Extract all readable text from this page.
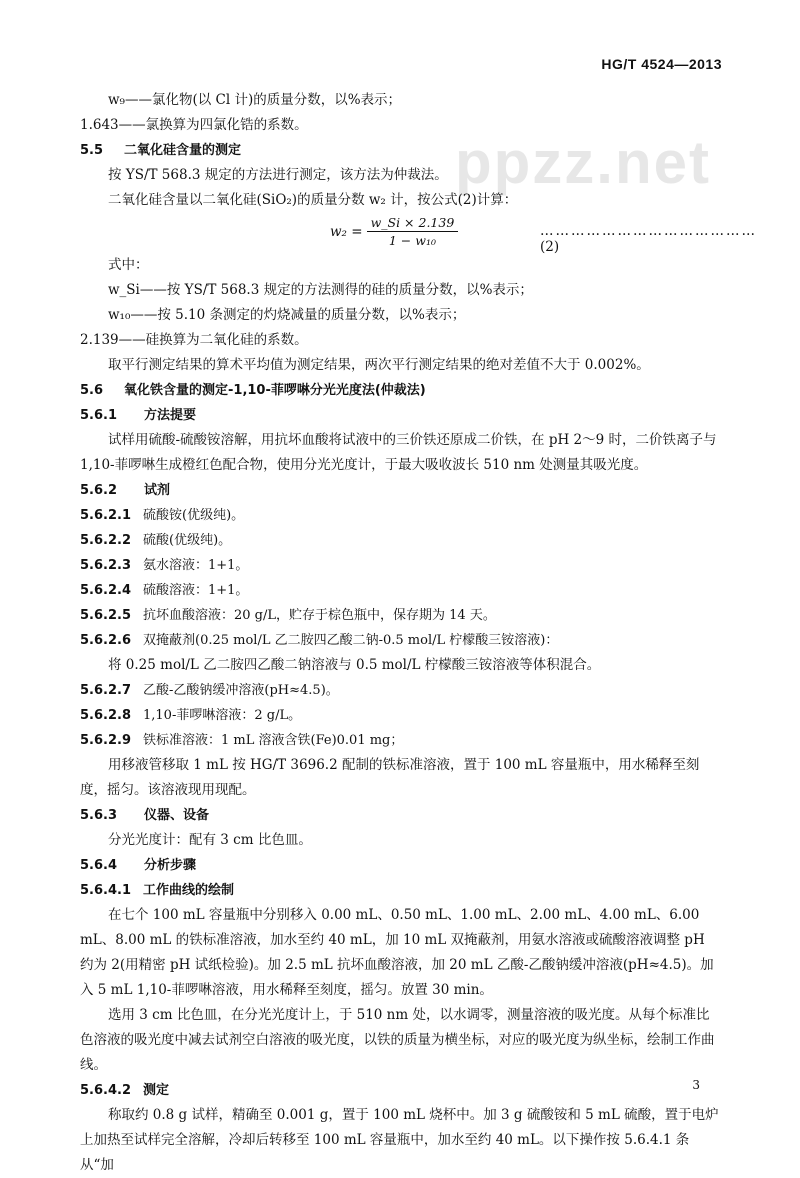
HG/T 4524—2013
ppzz.net
w₉——氯化物(以 Cl 计)的质量分数，以%表示；
1.643——氯换算为四氯化锆的系数。
5.5 二氧化硅含量的测定
按 YS/T 568.3 规定的方法进行测定，该方法为仲裁法。
二氧化硅含量以二氧化硅(SiO₂)的质量分数 w₂ 计，按公式(2)计算：
$w_2 = \frac{w\_Si \times 2.139}{\text{1 − w₁₀}}$	…………………………………… (2)
式中：
w_Si——按 YS/T 568.3 规定的方法测得的硅的质量分数，以%表示；
w₁₀——按 5.10 条测定的灼烧减量的质量分数，以%表示；
2.139——硅换算为二氧化硅的系数。
取平行测定结果的算术平均值为测定结果，两次平行测定结果的绝对差值不大于 0.002%。
5.6 氧化铁含量的测定-1,10-菲啰啉分光光度法(仲裁法)
5.6.1 方法提要
试样用硫酸-硫酸铵溶解，用抗坏血酸将试液中的三价铁还原成二价铁，在 pH 2～9 时，二价铁离子与 1,10-菲啰啉生成橙红色配合物，使用分光光度计，于最大吸收波长 510 nm 处测量其吸光度。
5.6.2 试剂
5.6.2.1 硫酸铵(优级纯)。
5.6.2.2 硫酸(优级纯)。
5.6.2.3 氨水溶液：1+1。
5.6.2.4 硫酸溶液：1+1。
5.6.2.5 抗坏血酸溶液：20 g/L，贮存于棕色瓶中，保存期为 14 天。
5.6.2.6 双掩蔽剂(0.25 mol/L 乙二胺四乙酸二钠-0.5 mol/L 柠檬酸三铵溶液)：
将 0.25 mol/L 乙二胺四乙酸二钠溶液与 0.5 mol/L 柠檬酸三铵溶液等体积混合。
5.6.2.7 乙酸-乙酸钠缓冲溶液(pH≈4.5)。
5.6.2.8 1,10-菲啰啉溶液：2 g/L。
5.6.2.9 铁标准溶液：1 mL 溶液含铁(Fe)0.01 mg；
用移液管移取 1 mL 按 HG/T 3696.2 配制的铁标准溶液，置于 100 mL 容量瓶中，用水稀释至刻度，摇匀。该溶液现用现配。
5.6.3 仪器、设备
分光光度计：配有 3 cm 比色皿。
5.6.4 分析步骤
5.6.4.1 工作曲线的绘制
在七个 100 mL 容量瓶中分别移入 0.00 mL、0.50 mL、1.00 mL、2.00 mL、4.00 mL、6.00 mL、8.00 mL 的铁标准溶液，加水至约 40 mL，加 10 mL 双掩蔽剂，用氨水溶液或硫酸溶液调整 pH 约为 2(用精密 pH 试纸检验)。加 2.5 mL 抗坏血酸溶液，加 20 mL 乙酸-乙酸钠缓冲溶液(pH≈4.5)。加入 5 mL 1,10-菲啰啉溶液，用水稀释至刻度，摇匀。放置 30 min。
选用 3 cm 比色皿，在分光光度计上，于 510 nm 处，以水调零，测量溶液的吸光度。从每个标准比色溶液的吸光度中减去试剂空白溶液的吸光度，以铁的质量为横坐标，对应的吸光度为纵坐标，绘制工作曲线。
5.6.4.2 测定
称取约 0.8 g 试样，精确至 0.001 g，置于 100 mL 烧杯中。加 3 g 硫酸铵和 5 mL 硫酸，置于电炉上加热至试样完全溶解，冷却后转移至 100 mL 容量瓶中，加水至约 40 mL。以下操作按 5.6.4.1 条从“加
3
